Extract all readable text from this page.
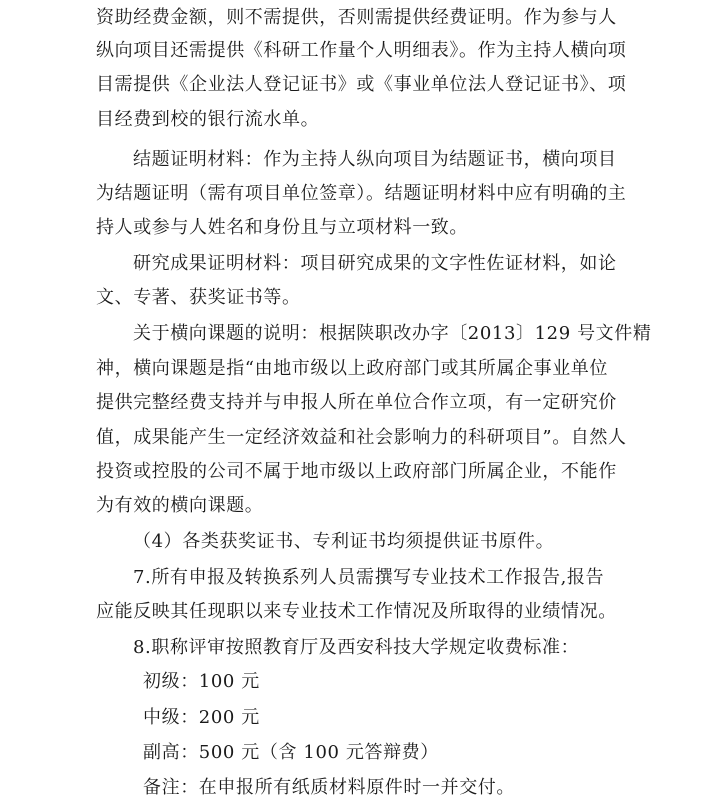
资助经费金额，则不需提供，否则需提供经费证明。作为参与人
纵向项目还需提供《科研工作量个人明细表》。作为主持人横向项
目需提供《企业法人登记证书》或《事业单位法人登记证书》、项
目经费到校的银行流水单。
结题证明材料：作为主持人纵向项目为结题证书，横向项目
为结题证明（需有项目单位签章）。结题证明材料中应有明确的主
持人或参与人姓名和身份且与立项材料一致。
研究成果证明材料：项目研究成果的文字性佐证材料，如论
文、专著、获奖证书等。
关于横向课题的说明：根据陕职改办字〔2013〕129 号文件精
神，横向课题是指“由地市级以上政府部门或其所属企事业单位
提供完整经费支持并与申报人所在单位合作立项，有一定研究价
值，成果能产生一定经济效益和社会影响力的科研项目”。自然人
投资或控股的公司不属于地市级以上政府部门所属企业，不能作
为有效的横向课题。
（4）各类获奖证书、专利证书均须提供证书原件。
7.所有申报及转换系列人员需撰写专业技术工作报告,报告
应能反映其任现职以来专业技术工作情况及所取得的业绩情况。
8.职称评审按照教育厅及西安科技大学规定收费标准：
初级：100 元
中级：200 元
副高：500 元（含 100 元答辩费）
备注：在申报所有纸质材料原件时一并交付。
